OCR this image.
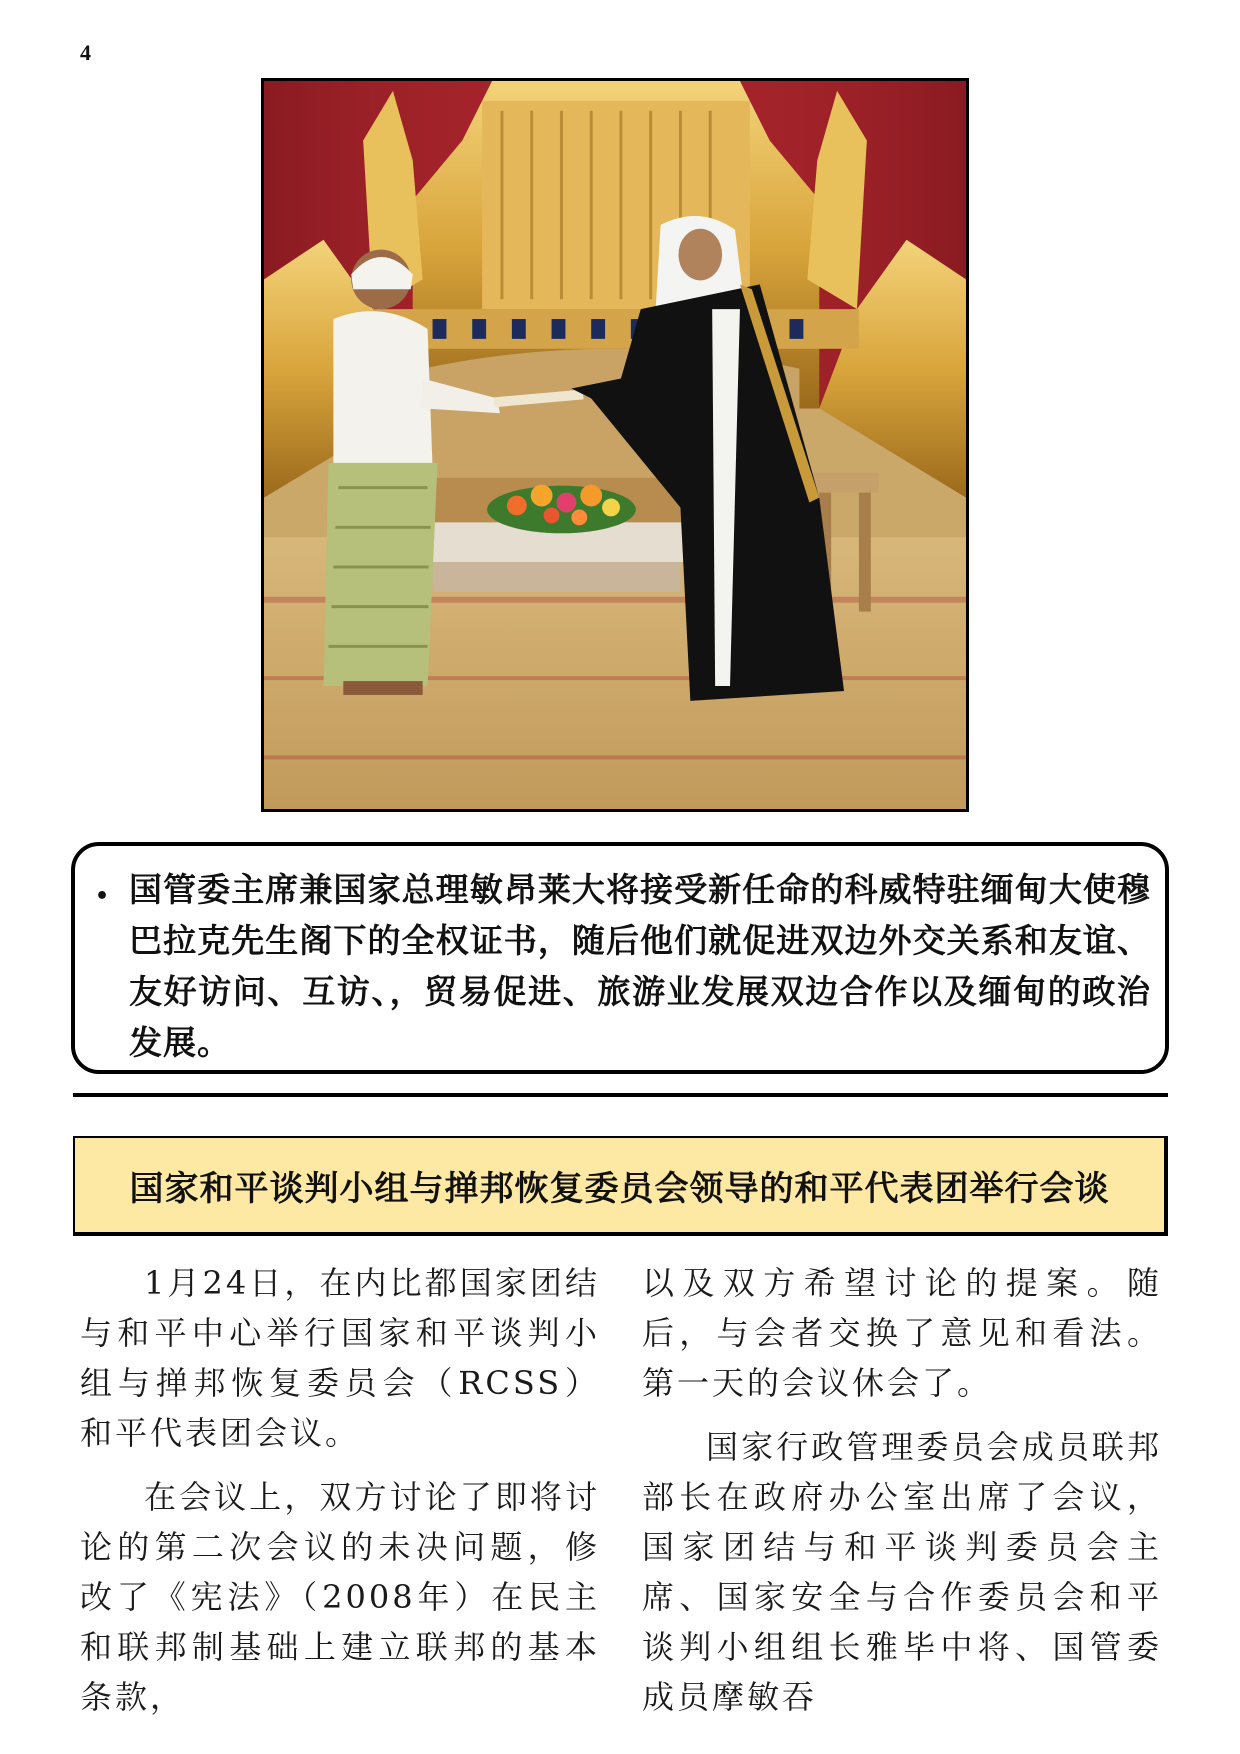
4
• 国管委主席兼国家总理敏昂莱大将接受新任命的科威特驻缅甸大使穆巴拉克先生阁下的全权证书，随后他们就促进双边外交关系和友谊、友好访问、互访、，贸易促进、旅游业发展双边合作以及缅甸的政治发展。
国家和平谈判小组与掸邦恢复委员会领导的和平代表团举行会谈

1月24日，在内比都国家团结与和平中心举行国家和平谈判小组与掸邦恢复委员会（RCSS）和平代表团会议。

在会议上，双方讨论了即将讨论的第二次会议的未决问题，修改了《宪法》（2008年）在民主和联邦制基础上建立联邦的基本条款，

以及双方希望讨论的提案。随后，与会者交换了意见和看法。第一天的会议休会了。

国家行政管理委员会成员联邦部长在政府办公室出席了会议，国家团结与和平谈判委员会主席、国家安全与合作委员会和平谈判小组组长雅毕中将、国管委成员摩敏吞
